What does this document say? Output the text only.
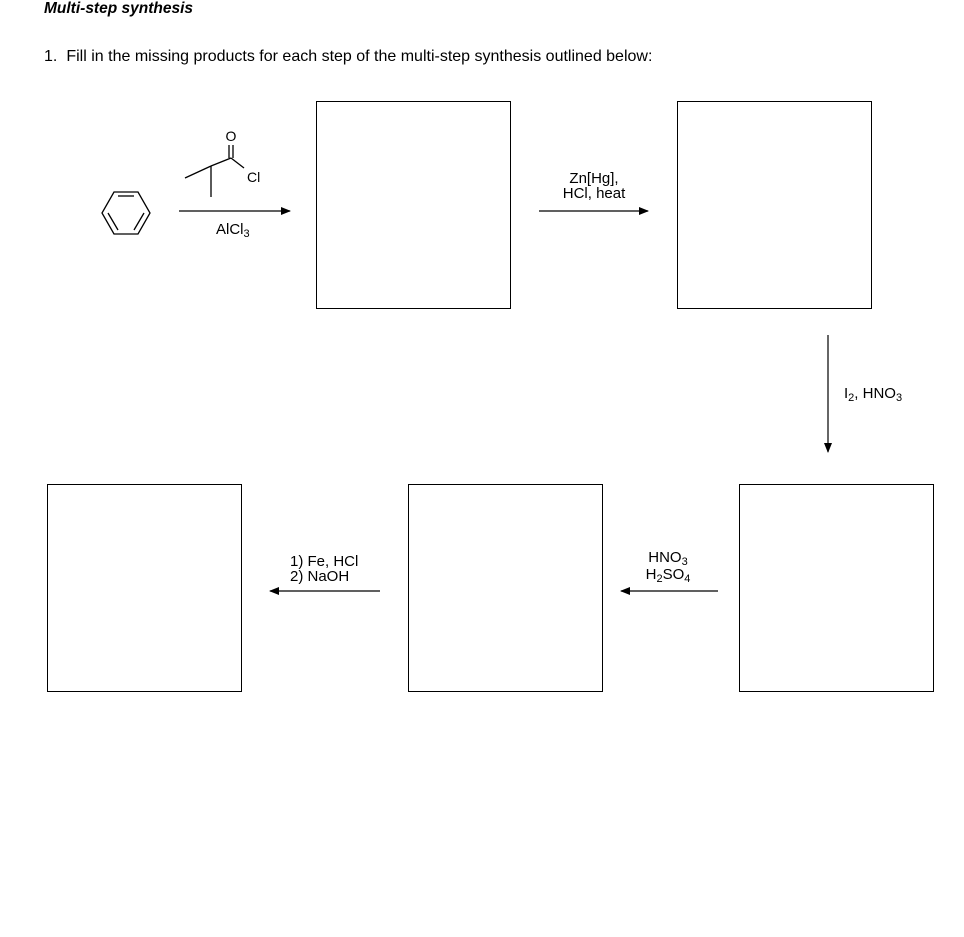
Multi-step synthesis
1. Fill in the missing products for each step of the multi-step synthesis outlined below:
O
Cl
AlCl$_3$
Zn[Hg],
HCl, heat
$I_2$, $HNO_3$
$HNO_3$
$H_2SO_4$
1) Fe, HCl
2) NaOH
